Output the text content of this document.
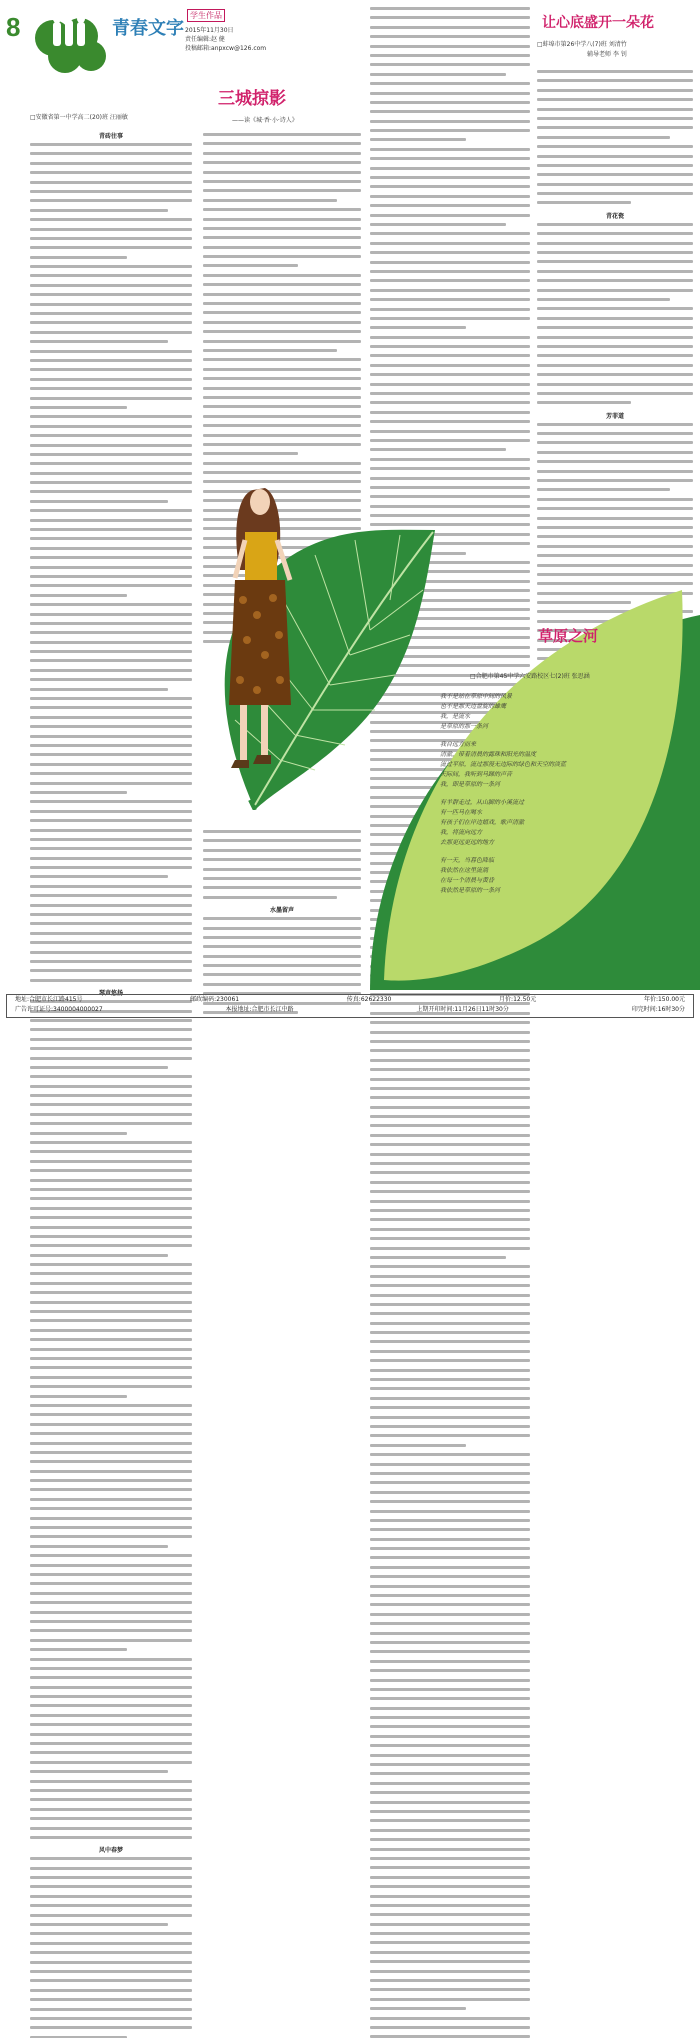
8	青春文字
学生作品
2015年11月30日
责任编辑:赵 健
投稿邮箱:anpxcw@126.com
□安徽省第一中学高二(20)班 汪丽敏
青砖往事
琴声悠扬
风中春梦
三城掠影
——读《城·香·小·诗人》
水墨留声
让心底盛开一朵花
□蚌埠市第26中学八(7)班 刘清竹
辅导老师 李 钊
青花瓷
芳菲道
草原之河
□合肥市第45中学六安路校区七(2)班 张思涵
我不是站在草原中间的风景
也不是那天边盘旋的雄鹰
我，是流水
是草原的那一条河
我自远方而来
清澈，带着清晨的露珠和阳光的温度
流过平原，流过那漫无边际的绿色和天空的淡蓝
天际间，我听到马蹄的声音
我，即是草原的一条河
有羊群走过，从山脚的小溪流过
有一匹马在喝水
有孩子们在岸边嬉戏，歌声清澈
我，将流向远方
去那更远更远的地方
有一天，当暮色降临
我依然在这里流淌
在每一个清晨与黄昏
我依然是草原的一条河
地址:合肥市长江路415号	邮政编码:230061	传真:62622330	月价:12.50元	年价:150.00元
广告许可证号:3400004000027	本报地址:合肥市长江中路	上期开印时间:11月26日11时30分	印完时间:16时30分
